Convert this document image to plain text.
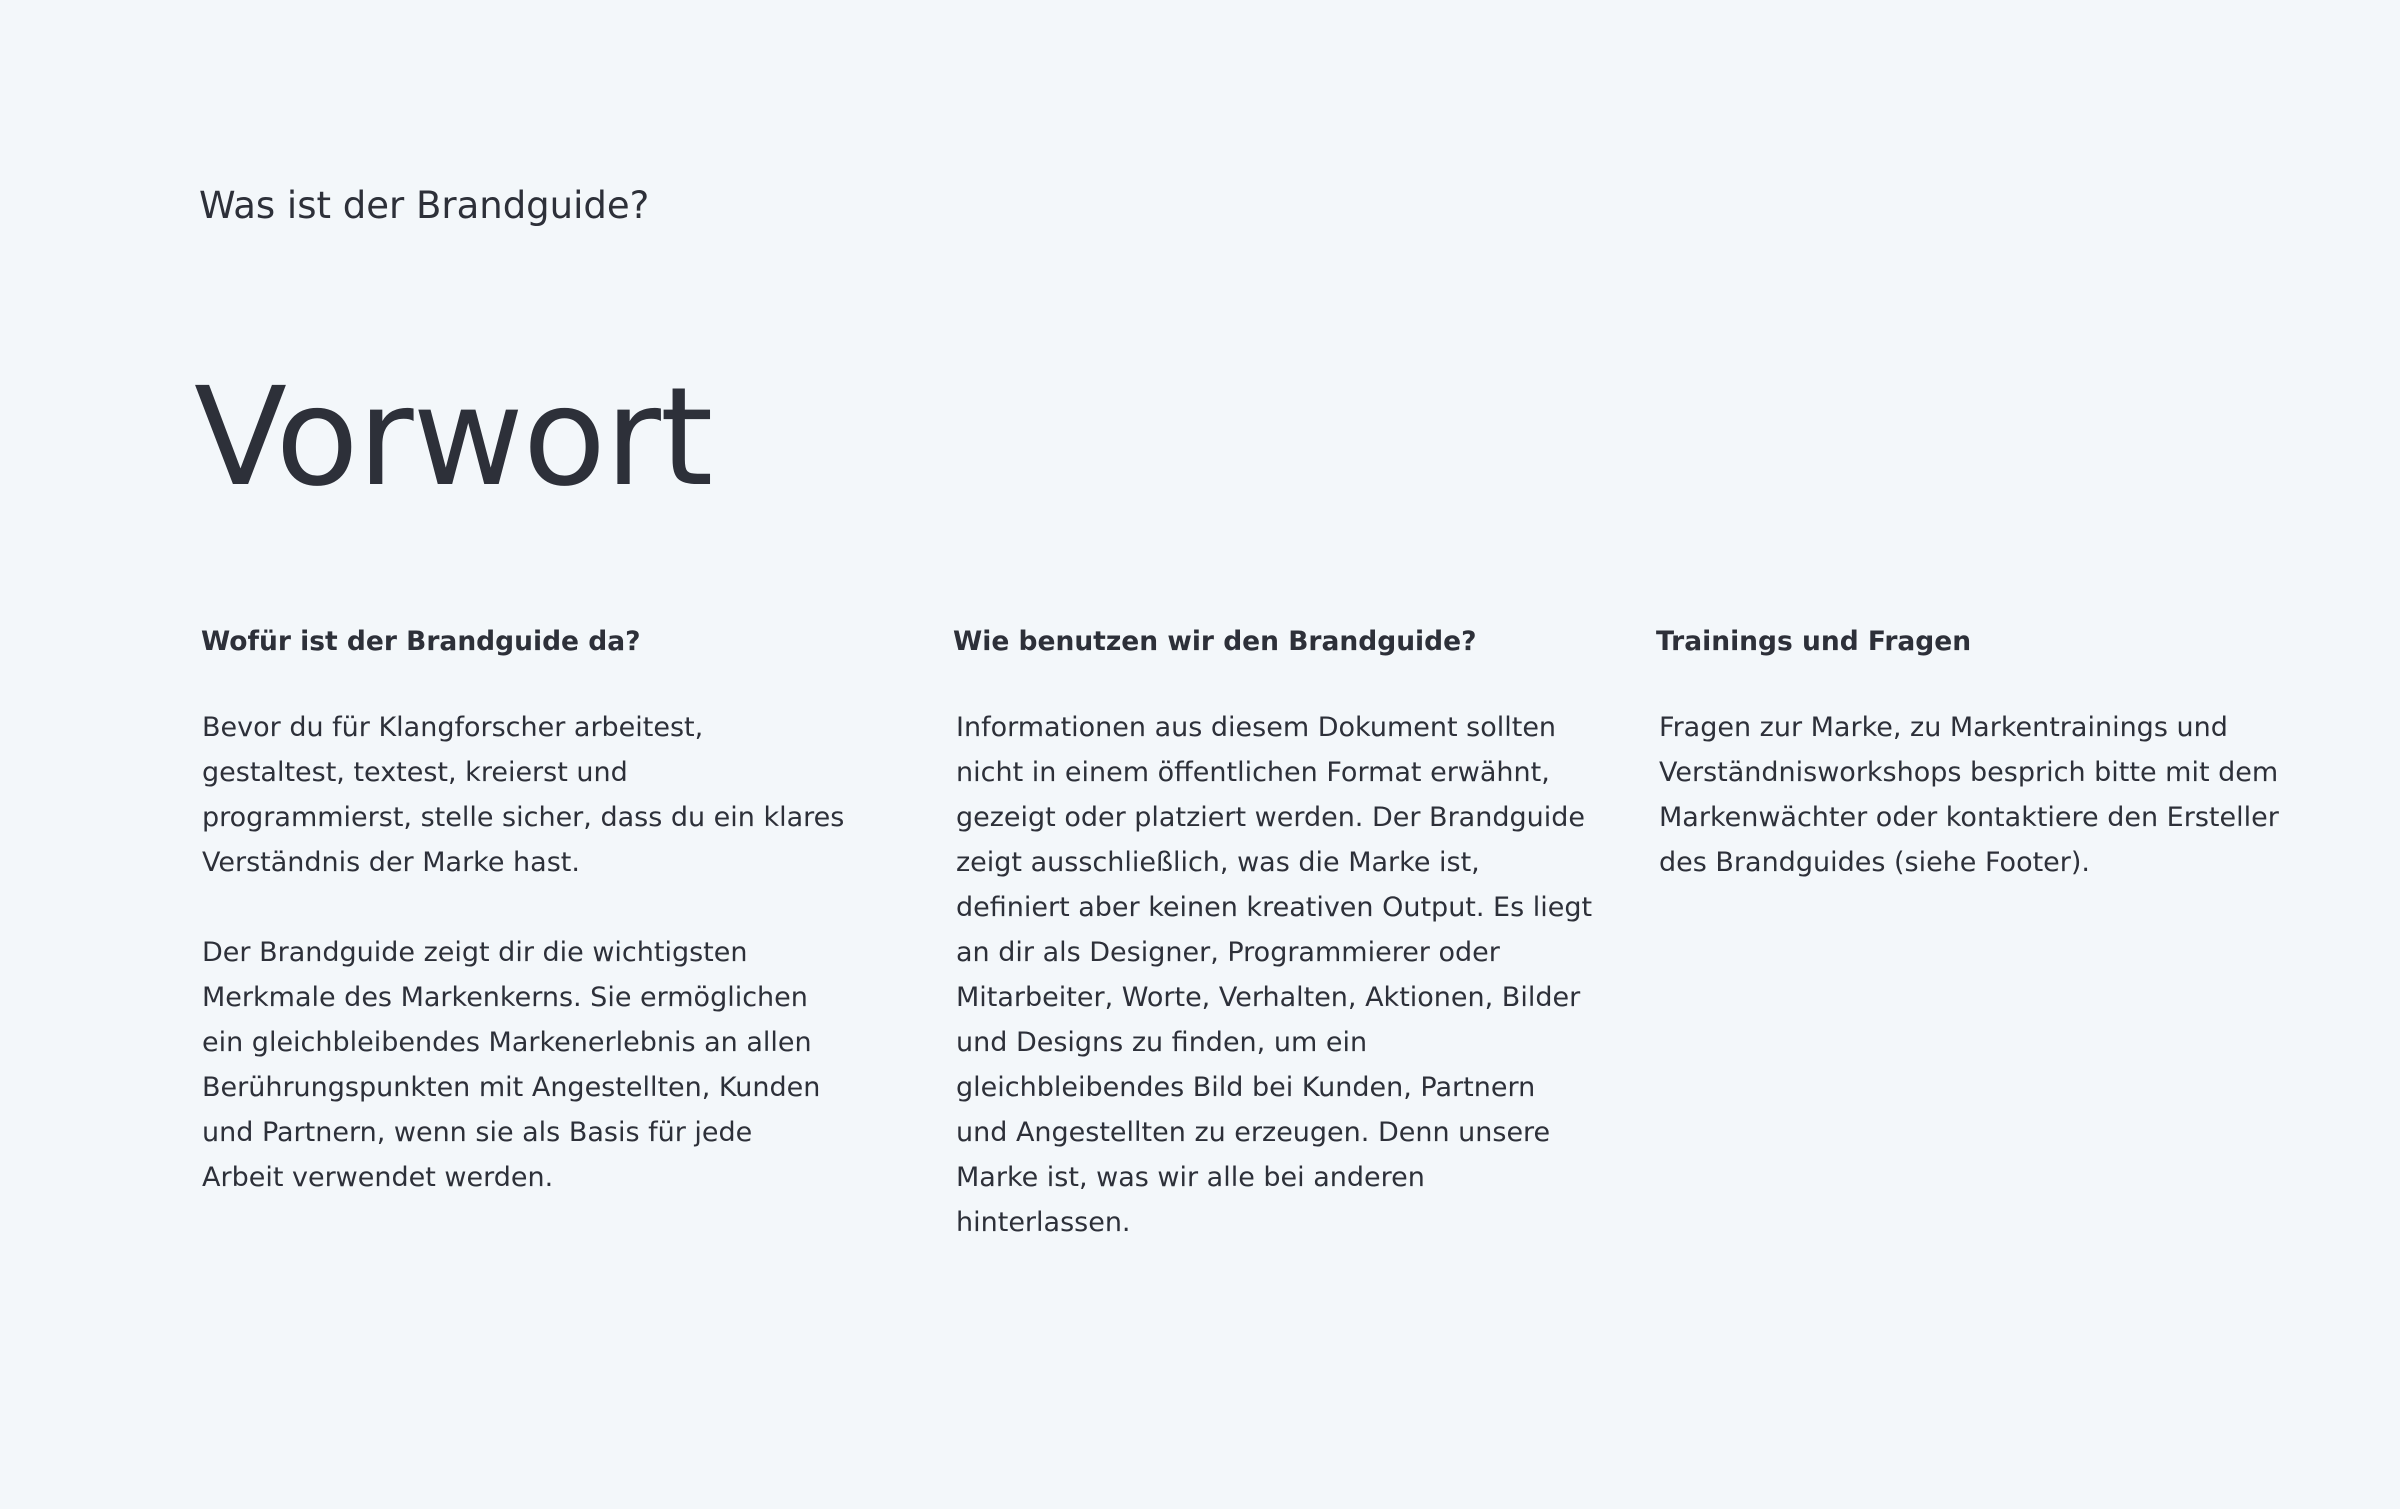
Was ist der Brandguide?
Vorwort
Wofür ist der Brandguide da?

Bevor du für Klangforscher arbeitest,
gestaltest, textest, kreierst und
programmierst, stelle sicher, dass du ein klares
Verständnis der Marke hast.

Der Brandguide zeigt dir die wichtigsten
Merkmale des Markenkerns. Sie ermöglichen
ein gleichbleibendes Markenerlebnis an allen
Berührungspunkten mit Angestellten, Kunden
und Partnern, wenn sie als Basis für jede
Arbeit verwendet werden.

Wie benutzen wir den Brandguide?

Informationen aus diesem Dokument sollten
nicht in einem öffentlichen Format erwähnt,
gezeigt oder platziert werden. Der Brandguide
zeigt ausschließlich, was die Marke ist,
definiert aber keinen kreativen Output. Es liegt
an dir als Designer, Programmierer oder
Mitarbeiter, Worte, Verhalten, Aktionen, Bilder
und Designs zu finden, um ein
gleichbleibendes Bild bei Kunden, Partnern
und Angestellten zu erzeugen. Denn unsere
Marke ist, was wir alle bei anderen
hinterlassen.

Trainings und Fragen

Fragen zur Marke, zu Markentrainings und
Verständnisworkshops besprich bitte mit dem
Markenwächter oder kontaktiere den Ersteller
des Brandguides (siehe Footer).
